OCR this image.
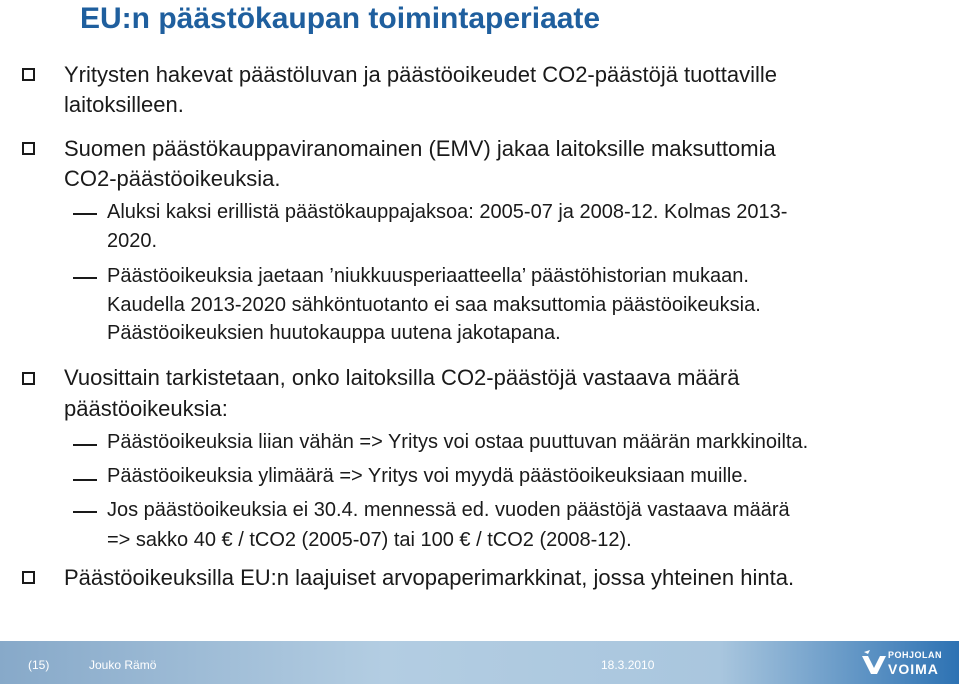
EU:n päästökaupan toimintaperiaate
Yritysten hakevat päästöluvan ja päästöoikeudet CO2-päästöjä tuottaville
laitoksilleen.
Suomen päästökauppaviranomainen (EMV) jakaa laitoksille maksuttomia
CO2-päästöoikeuksia.
Aluksi kaksi erillistä päästökauppajaksoa: 2005-07 ja 2008-12. Kolmas 2013-
2020.
Päästöoikeuksia jaetaan ’niukkuusperiaatteella’ päästöhistorian mukaan.
Kaudella 2013-2020 sähköntuotanto ei saa maksuttomia päästöoikeuksia.
Päästöoikeuksien huutokauppa uutena jakotapana.
Vuosittain tarkistetaan, onko laitoksilla CO2-päästöjä vastaava määrä
päästöoikeuksia:
Päästöoikeuksia liian vähän => Yritys voi ostaa puuttuvan määrän markkinoilta.
Päästöoikeuksia ylimäärä => Yritys voi myydä päästöoikeuksiaan muille.
Jos päästöoikeuksia ei 30.4. mennessä ed. vuoden päästöjä vastaava määrä
=> sakko 40 € / tCO2 (2005-07) tai 100 € / tCO2 (2008-12).
Päästöoikeuksilla EU:n laajuiset arvopaperimarkkinat, jossa yhteinen hinta.
(15)	Jouko Rämö	18.3.2010
POHJOLAN
VOIMA
